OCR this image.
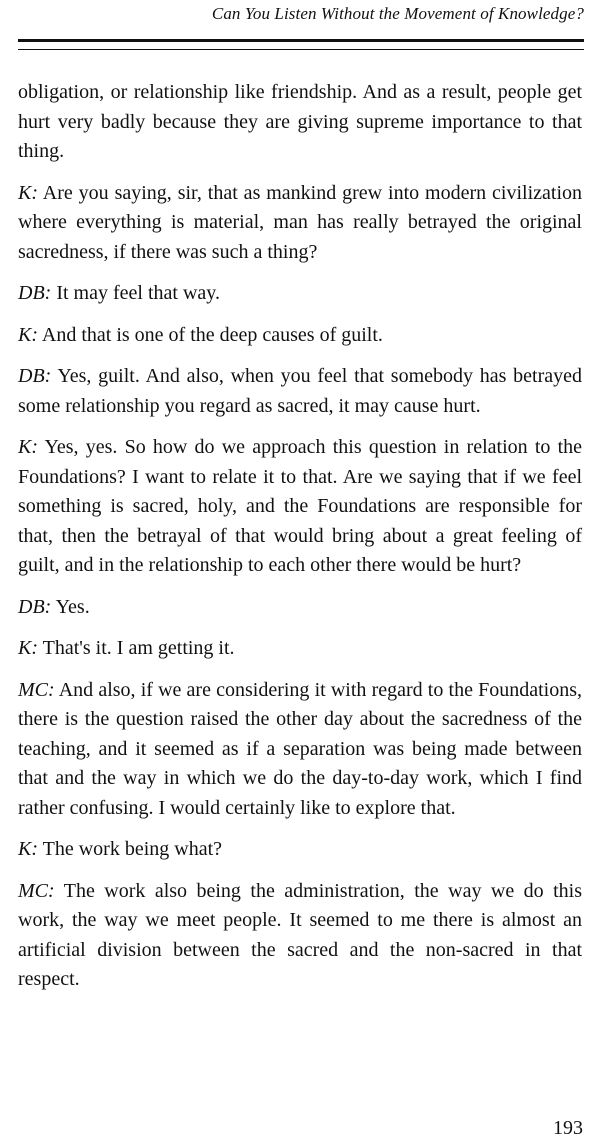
Can You Listen Without the Movement of Knowledge?

obligation, or relationship like friendship. And as a result, people get hurt very badly because they are giving supreme importance to that thing.

K: Are you saying, sir, that as mankind grew into modern civilization where everything is material, man has really betrayed the original sacredness, if there was such a thing?

DB: It may feel that way.

K: And that is one of the deep causes of guilt.

DB: Yes, guilt. And also, when you feel that somebody has betrayed some relationship you regard as sacred, it may cause hurt.

K: Yes, yes. So how do we approach this question in relation to the Foundations? I want to relate it to that. Are we saying that if we feel something is sacred, holy, and the Foundations are responsible for that, then the betrayal of that would bring about a great feeling of guilt, and in the relationship to each other there would be hurt?

DB: Yes.

K: That's it. I am getting it.

MC: And also, if we are considering it with regard to the Foundations, there is the question raised the other day about the sacredness of the teaching, and it seemed as if a separation was being made between that and the way in which we do the day-to-day work, which I find rather confusing. I would certainly like to explore that.

K: The work being what?

MC: The work also being the administration, the way we do this work, the way we meet people. It seemed to me there is almost an artificial division between the sacred and the non-sacred in that respect.

193
